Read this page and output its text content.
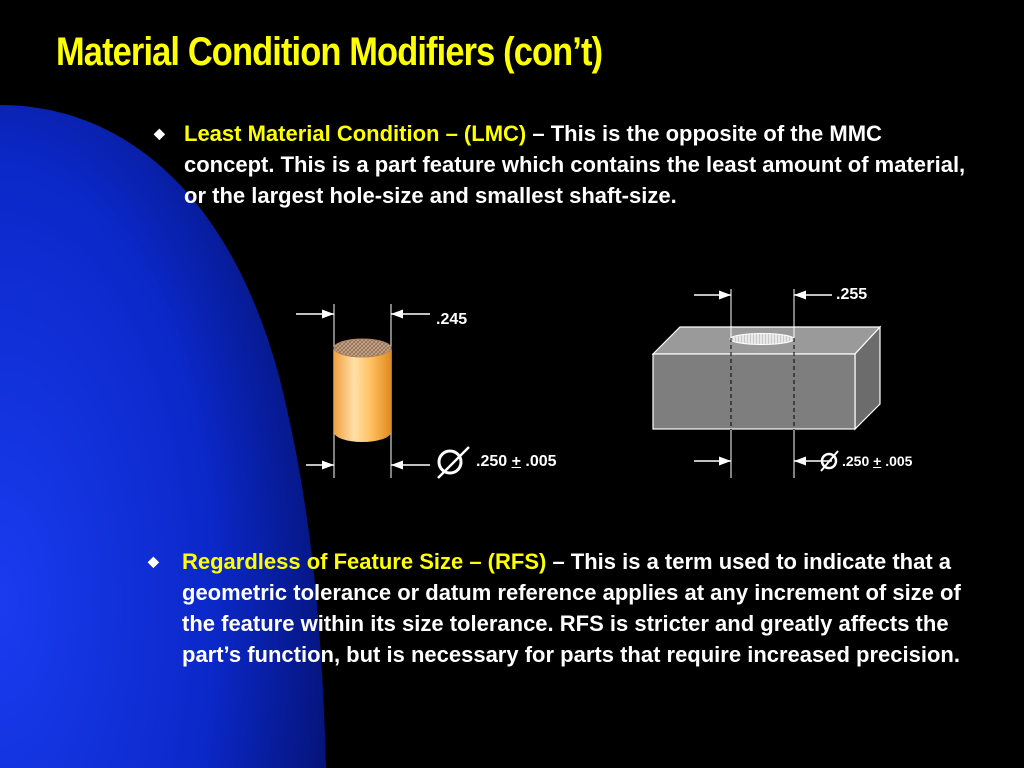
Material Condition Modifiers (con’t)
◆ Least Material Condition – (LMC) – This is the opposite of the MMC concept. This is a part feature which contains the least amount of material, or the largest hole-size and smallest shaft-size.
.245
.250 + .005
.255
.250 + .005
◆ Regardless of Feature Size – (RFS) – This is a term used to indicate that a geometric tolerance or datum reference applies at any increment of size of the feature within its size tolerance. RFS is stricter and greatly affects the part’s function, but is necessary for parts that require increased precision.
